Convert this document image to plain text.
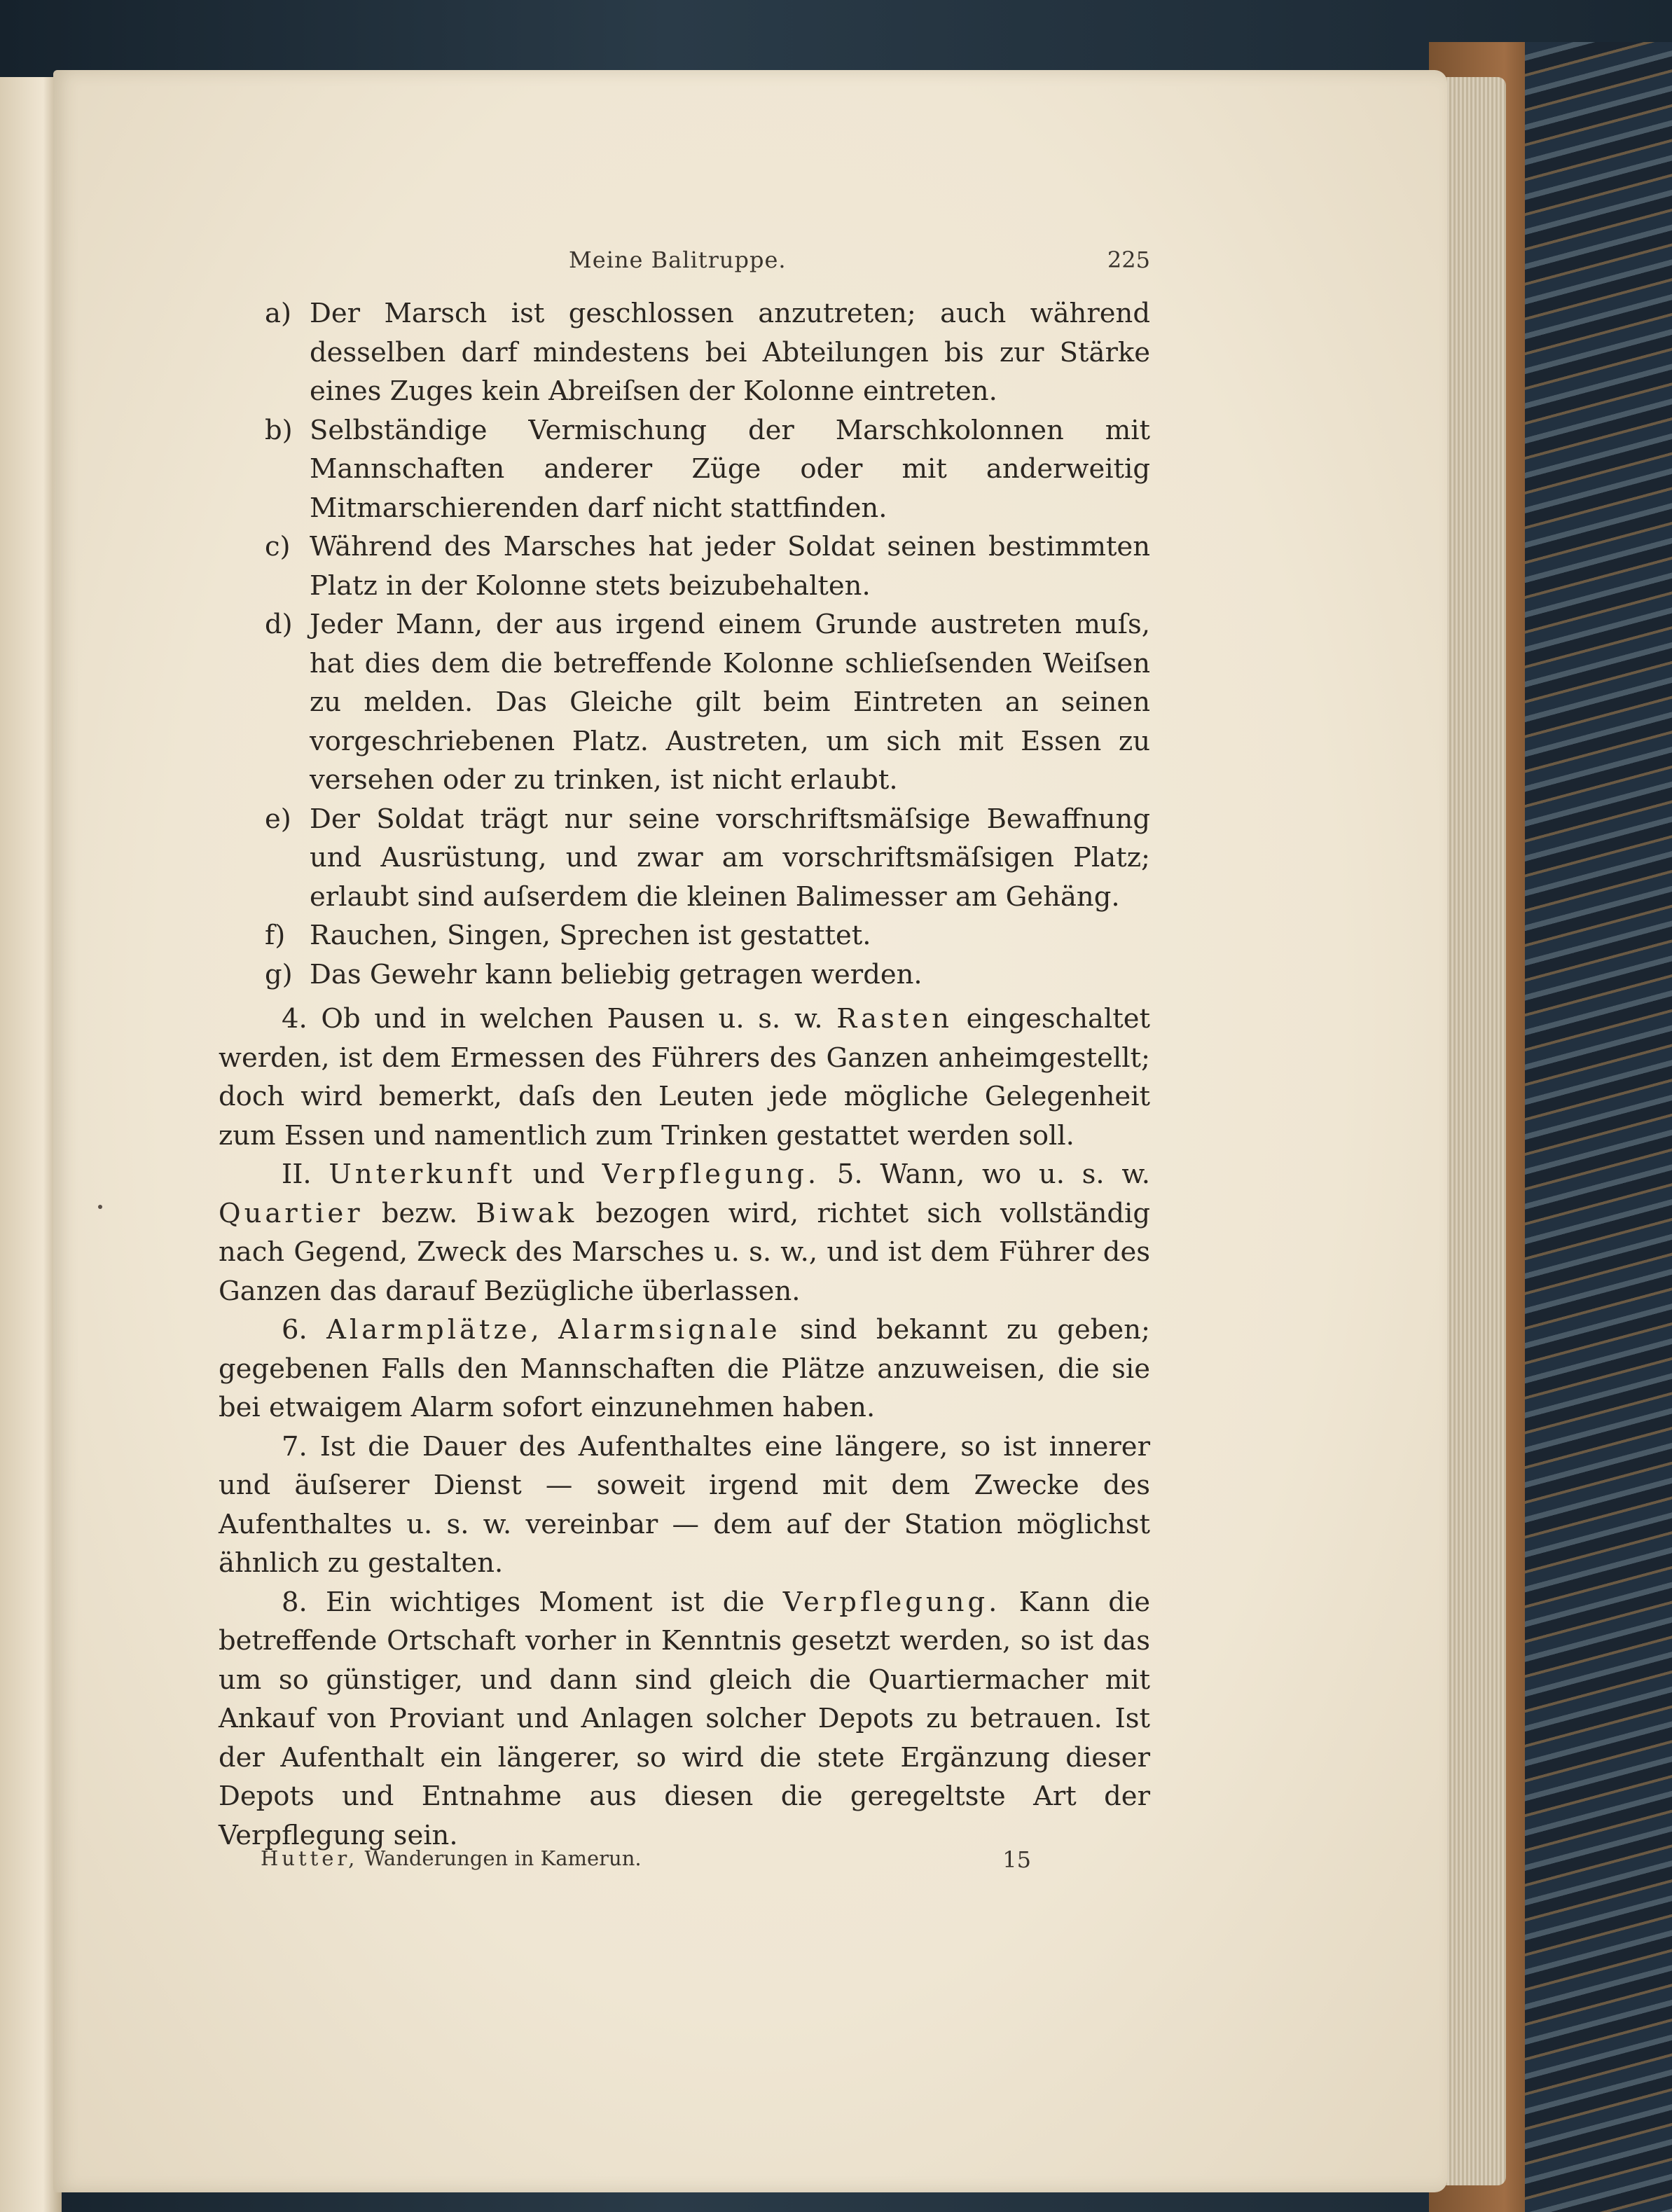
Meine Balitruppe.	225
a) Der Marsch ist geschlossen anzutreten; auch während desselben darf mindestens bei Abteilungen bis zur Stärke eines Zuges kein Abreiſsen der Kolonne eintreten.
b) Selbständige Vermischung der Marschkolonnen mit Mannschaften anderer Züge oder mit anderweitig Mitmarschierenden darf nicht stattfinden.
c) Während des Marsches hat jeder Soldat seinen bestimmten Platz in der Kolonne stets beizubehalten.
d) Jeder Mann, der aus irgend einem Grunde austreten muſs, hat dies dem die betreffende Kolonne schlieſsenden Weiſsen zu melden. Das Gleiche gilt beim Eintreten an seinen vorgeschriebenen Platz. Austreten, um sich mit Essen zu versehen oder zu trinken, ist nicht erlaubt.
e) Der Soldat trägt nur seine vorschriftsmäſsige Bewaffnung und Ausrüstung, und zwar am vorschriftsmäſsigen Platz; erlaubt sind auſserdem die kleinen Balimesser am Gehäng.
f) Rauchen, Singen, Sprechen ist gestattet.
g) Das Gewehr kann beliebig getragen werden.

4. Ob und in welchen Pausen u. s. w. Rasten eingeschaltet werden, ist dem Ermessen des Führers des Ganzen anheimgestellt; doch wird bemerkt, daſs den Leuten jede mögliche Gelegenheit zum Essen und namentlich zum Trinken gestattet werden soll.

II. Unterkunft und Verpflegung. 5. Wann, wo u. s. w. Quartier bezw. Biwak bezogen wird, richtet sich vollständig nach Gegend, Zweck des Marsches u. s. w., und ist dem Führer des Ganzen das darauf Bezügliche überlassen.

6. Alarmplätze, Alarmsignale sind bekannt zu geben; gegebenen Falls den Mannschaften die Plätze anzuweisen, die sie bei etwaigem Alarm sofort einzunehmen haben.

7. Ist die Dauer des Aufenthaltes eine längere, so ist innerer und äuſserer Dienst — soweit irgend mit dem Zwecke des Aufenthaltes u. s. w. vereinbar — dem auf der Station möglichst ähnlich zu gestalten.

8. Ein wichtiges Moment ist die Verpflegung. Kann die betreffende Ortschaft vorher in Kenntnis gesetzt werden, so ist das um so günstiger, und dann sind gleich die Quartiermacher mit Ankauf von Proviant und Anlagen solcher Depots zu betrauen. Ist der Aufenthalt ein längerer, so wird die stete Ergänzung dieser Depots und Entnahme aus diesen die geregeltste Art der Verpflegung sein.

Hutter, Wanderungen in Kamerun.	15
